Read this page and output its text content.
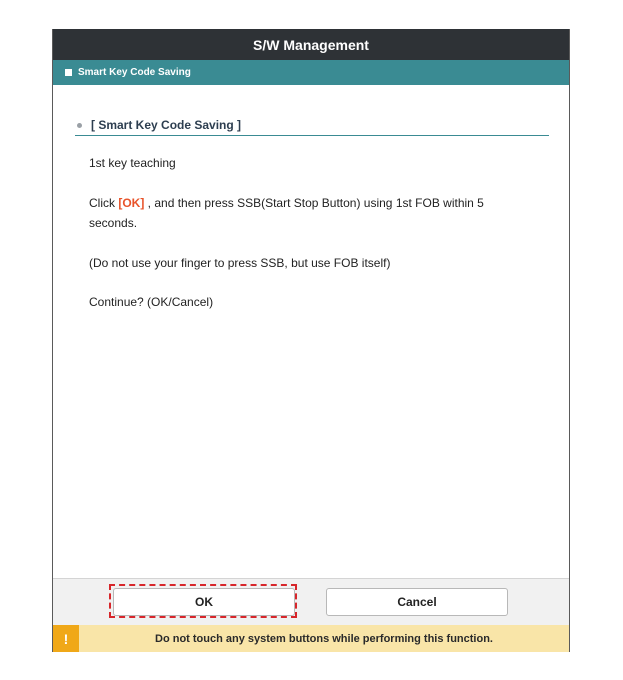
S/W Management
Smart Key Code Saving
[ Smart Key Code Saving ]
1st key teaching
Click [OK] , and then press SSB(Start Stop Button) using 1st FOB within 5 seconds.
(Do not use your finger to press SSB, but use FOB itself)
Continue? (OK/Cancel)
OK	Cancel
!	Do not touch any system buttons while performing this function.
